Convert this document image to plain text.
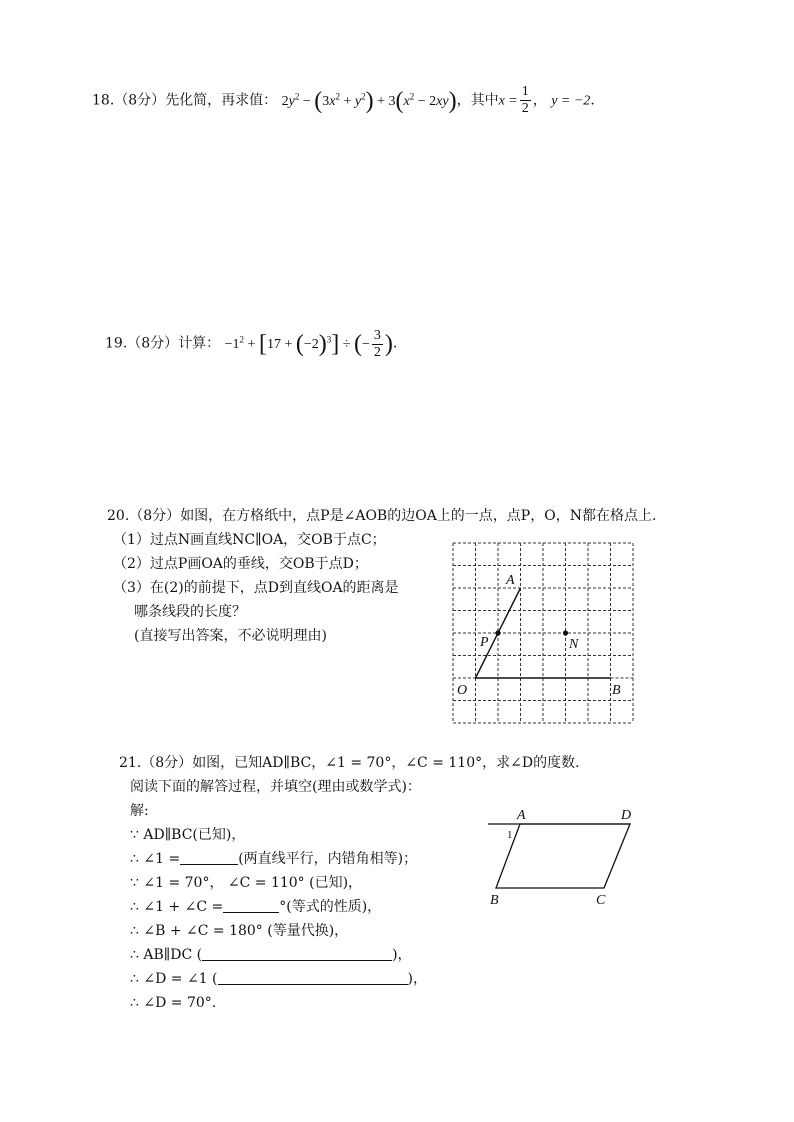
18.（8分）先化简，再求值： $2y^2 - (3x^2 + y^2) + 3(x^2 - 2xy)$，其中$x = \frac{1}{2}$ ， y = −2.
19.（8分）计算： $-1^2 + [17 + (-2)^3]$ ÷ (− $\frac{3}{2}$ ).
20.（8分）如图，在方格纸中，点P是∠AOB的边OA上的一点，点P，O，N都在格点上.
（1）过点N画直线NC∥OA，交OB于点C；
（2）过点P画OA的垂线，交OB于点D；
（3）在(2)的前提下，点D到直线OA的距离是
哪条线段的长度？
(直接写出答案，不必说明理由)
A
P	N
O	B
21.（8分）如图，已知AD∥BC，∠1 = 70°，∠C = 110°，求∠D的度数.
阅读下面的解答过程，并填空(理由或数学式)：
解:
∵ AD∥BC(已知)，
∴ ∠1 =	(两直线平行，内错角相等)；
∵ ∠1 = 70°， ∠C = 110° (已知)，
∴ ∠1 + ∠C =	°(等式的性质)，
∴ ∠B + ∠C = 180° (等量代换)，
∴ AB∥DC (	)，
∴ ∠D = ∠1 (	)，
∴ ∠D = 70°.
A	D
B	C
1
